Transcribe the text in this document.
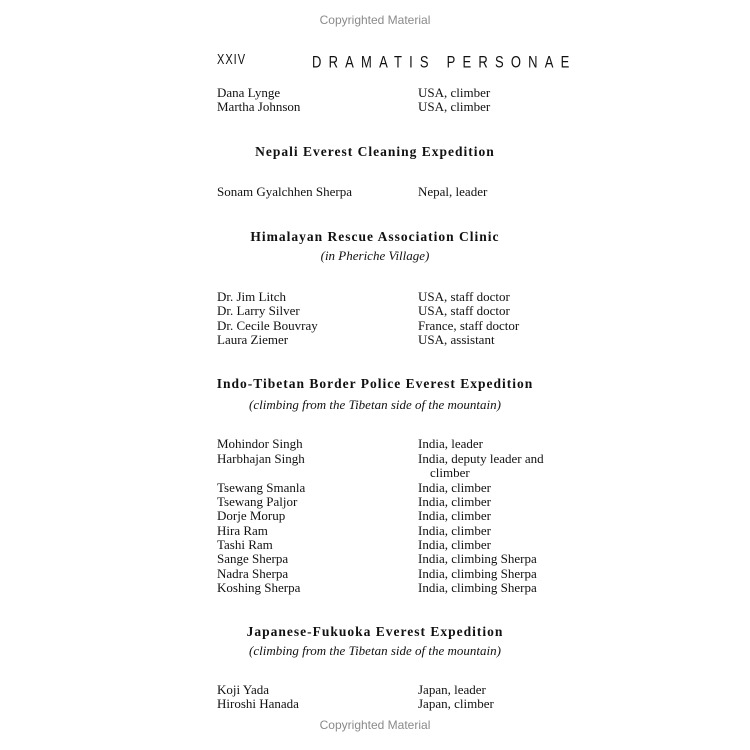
Copyrighted Material
XXIV	DRAMATIS PERSONAE
Dana Lynge	USA, climber
Martha Johnson	USA, climber
Nepali Everest Cleaning Expedition
Sonam Gyalchhen Sherpa	Nepal, leader
Himalayan Rescue Association Clinic
(in Pheriche Village)
Dr. Jim Litch	USA, staff doctor
Dr. Larry Silver	USA, staff doctor
Dr. Cecile Bouvray	France, staff doctor
Laura Ziemer	USA, assistant
Indo-Tibetan Border Police Everest Expedition
(climbing from the Tibetan side of the mountain)
Mohindor Singh	India, leader
Harbhajan Singh	India, deputy leader and
climber
Tsewang Smanla	India, climber
Tsewang Paljor	India, climber
Dorje Morup	India, climber
Hira Ram	India, climber
Tashi Ram	India, climber
Sange Sherpa	India, climbing Sherpa
Nadra Sherpa	India, climbing Sherpa
Koshing Sherpa	India, climbing Sherpa
Japanese-Fukuoka Everest Expedition
(climbing from the Tibetan side of the mountain)
Koji Yada	Japan, leader
Hiroshi Hanada	Japan, climber
Copyrighted Material
